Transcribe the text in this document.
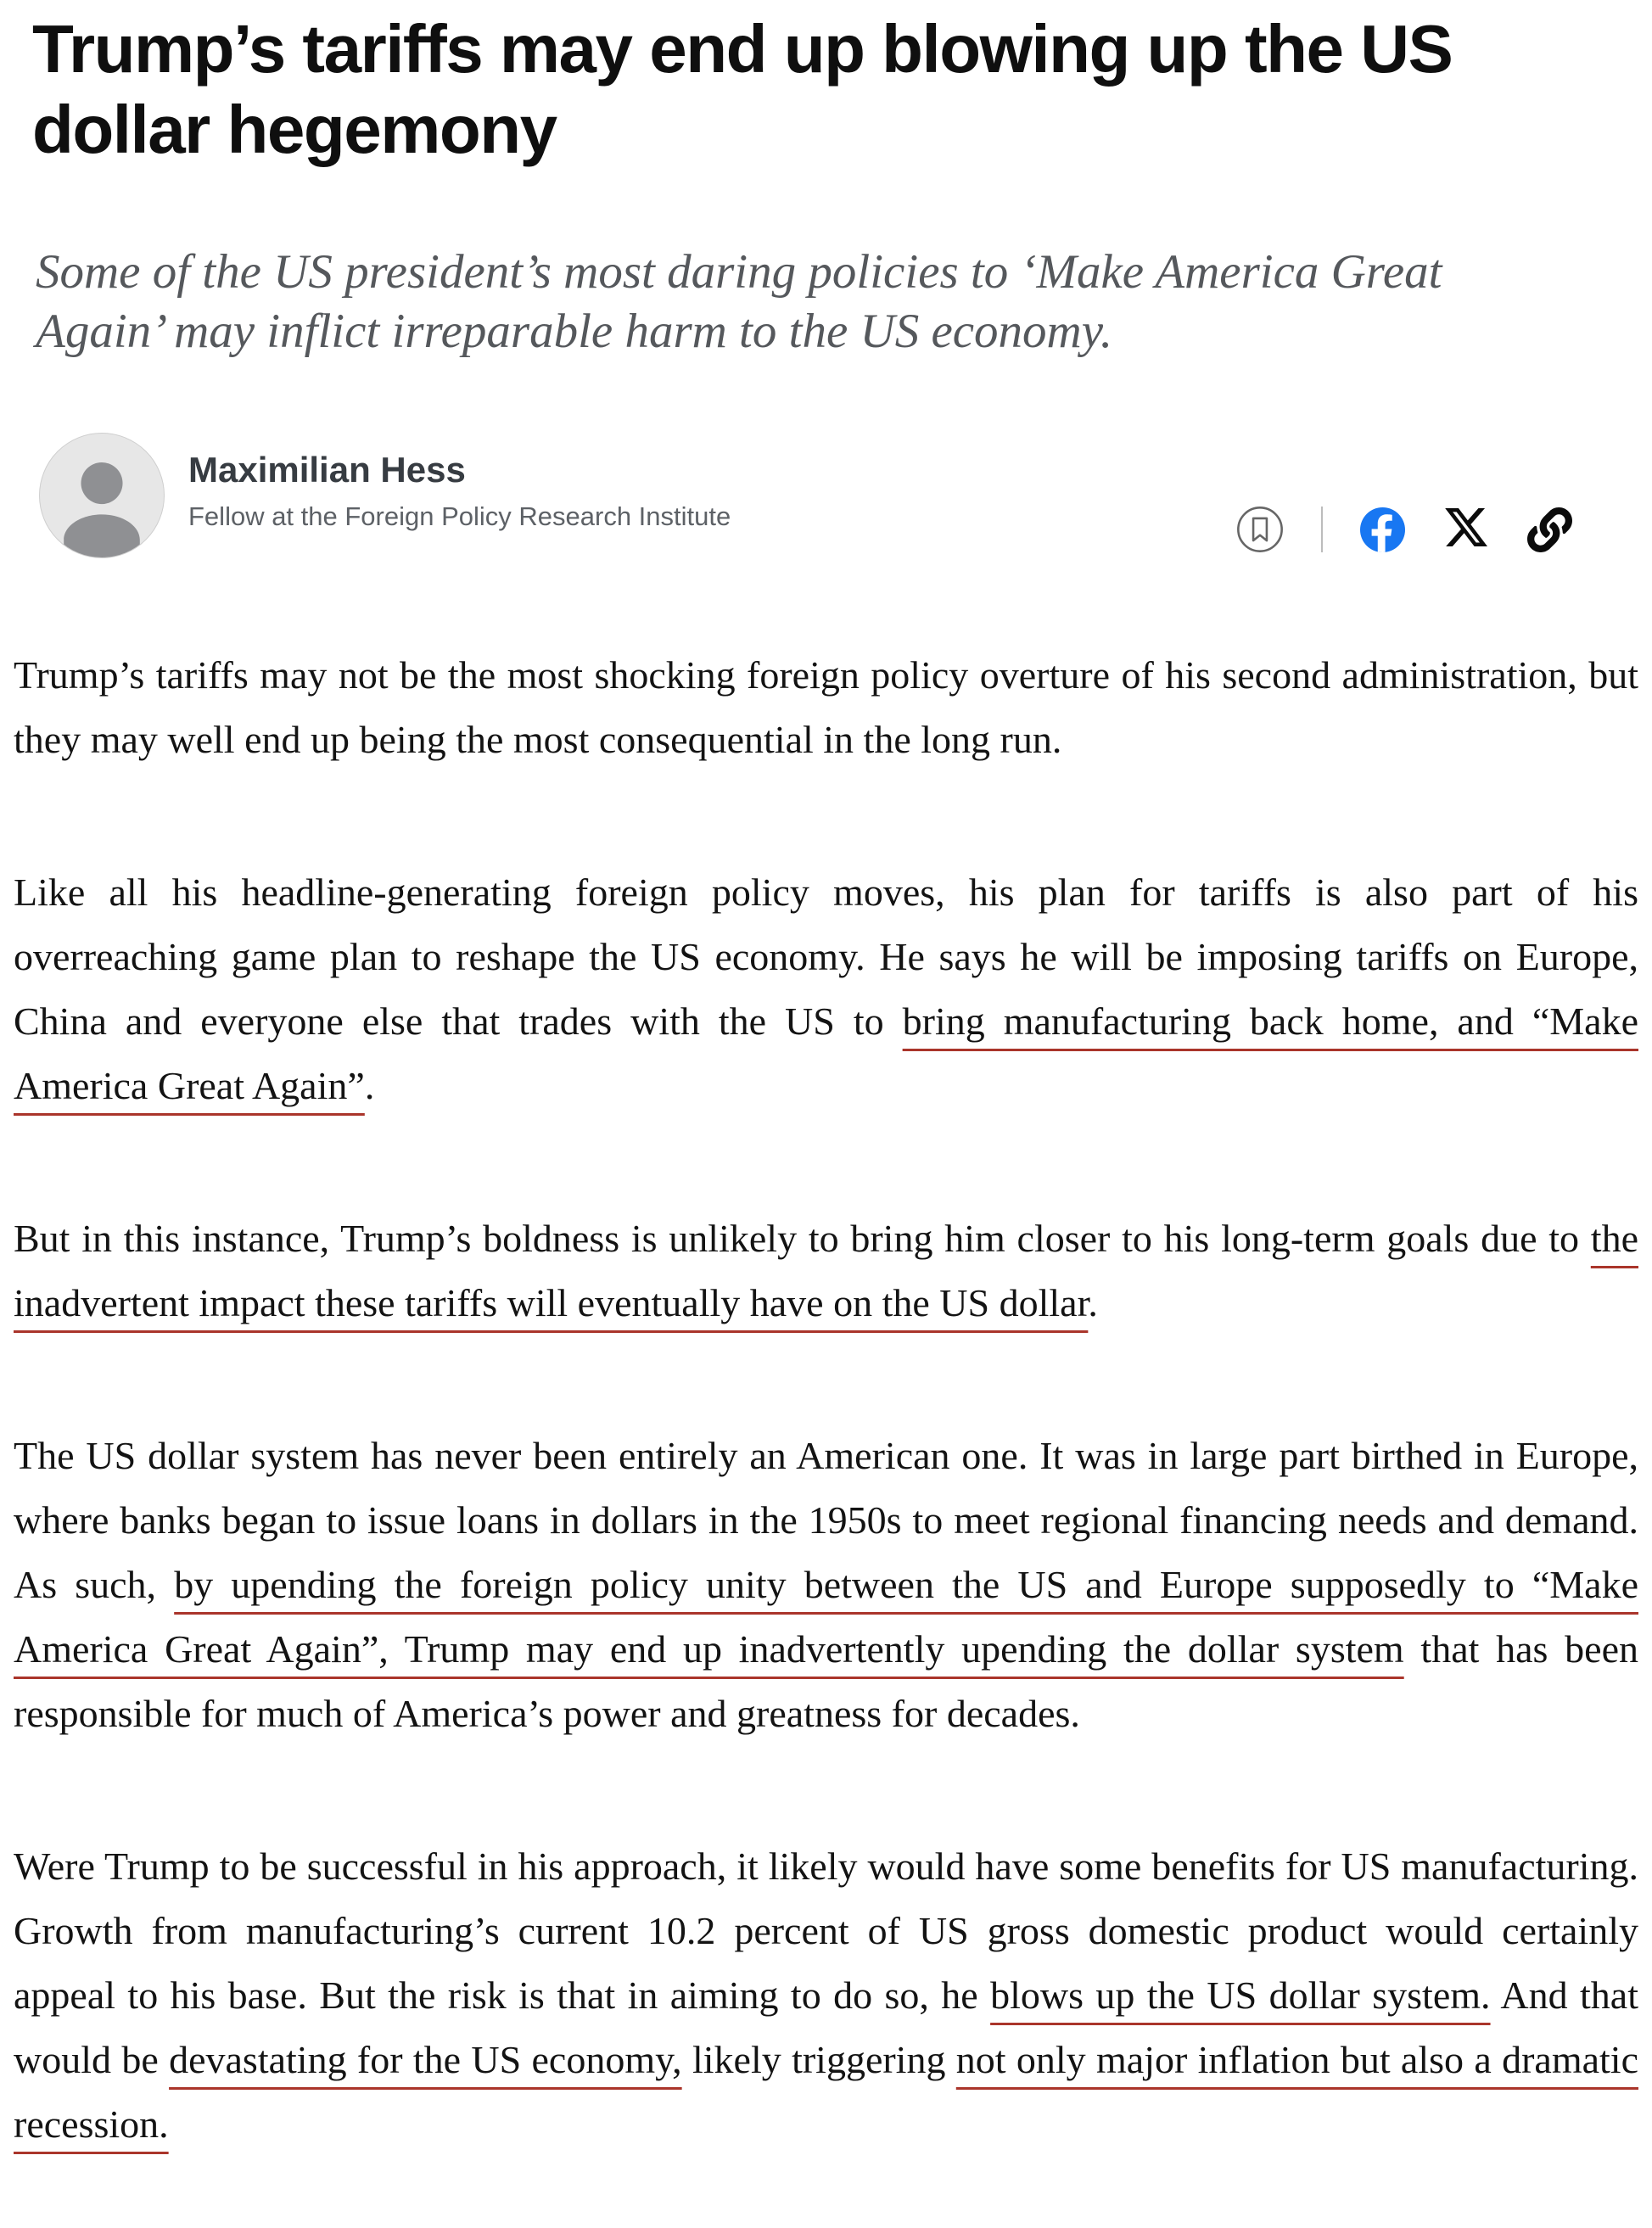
Trump’s tariffs may end up blowing up the US dollar hegemony

Some of the US president’s most daring policies to ‘Make America Great Again’ may inflict irreparable harm to the US economy.

Maximilian Hess
Fellow at the Foreign Policy Research Institute

Trump’s tariffs may not be the most shocking foreign policy overture of his second administration, but they may well end up being the most consequential in the long run.

Like all his headline-generating foreign policy moves, his plan for tariffs is also part of his overreaching game plan to reshape the US economy. He says he will be imposing tariffs on Europe, China and everyone else that trades with the US to bring manufacturing back home, and “Make America Great Again”.

But in this instance, Trump’s boldness is unlikely to bring him closer to his long-term goals due to the inadvertent impact these tariffs will eventually have on the US dollar.

The US dollar system has never been entirely an American one. It was in large part birthed in Europe, where banks began to issue loans in dollars in the 1950s to meet regional financing needs and demand. As such, by upending the foreign policy unity between the US and Europe supposedly to “Make America Great Again”, Trump may end up inadvertently upending the dollar system that has been responsible for much of America’s power and greatness for decades.

Were Trump to be successful in his approach, it likely would have some benefits for US manufacturing. Growth from manufacturing’s current 10.2 percent of US gross domestic product would certainly appeal to his base. But the risk is that in aiming to do so, he blows up the US dollar system. And that would be devastating for the US economy, likely triggering not only major inflation but also a dramatic recession.
